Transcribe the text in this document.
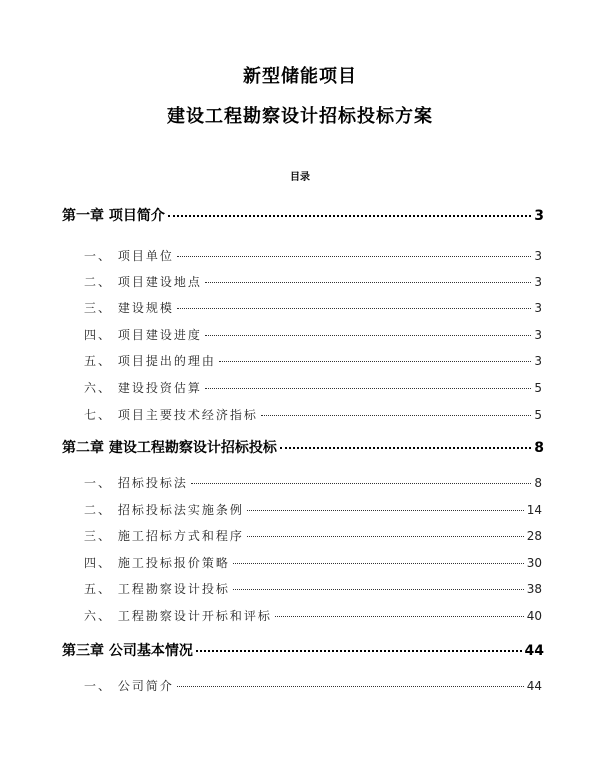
新型储能项目
建设工程勘察设计招标投标方案
目录
第一章 项目简介	3
一、 项目单位	3
二、 项目建设地点	3
三、 建设规模	3
四、 项目建设进度	3
五、 项目提出的理由	3
六、 建设投资估算	5
七、 项目主要技术经济指标	5
第二章 建设工程勘察设计招标投标	8
一、 招标投标法	8
二、 招标投标法实施条例	14
三、 施工招标方式和程序	28
四、 施工投标报价策略	30
五、 工程勘察设计投标	38
六、 工程勘察设计开标和评标	40
第三章 公司基本情况	44
一、 公司简介	44
